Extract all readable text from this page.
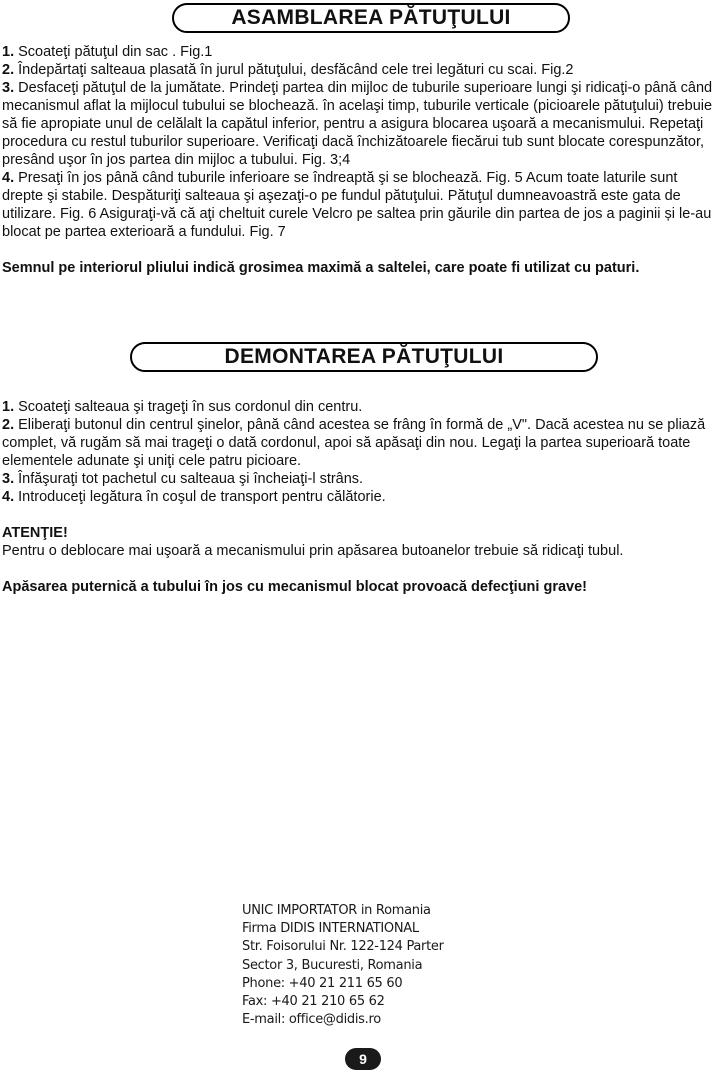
ASAMBLAREA PĂTUŢULUI

1. Scoateţi pătuţul din sac . Fig.1

2. Îndepărtaţi salteaua plasată în jurul pătuţului, desfăcând cele trei legături cu scai. Fig.2

3. Desfaceţi pătuţul de la jumătate. Prindeţi partea din mijloc de tuburile superioare lungi şi ridicaţi-o până când mecanismul aflat la mijlocul tubului se blochează. în acelaşi timp, tuburile verticale (picioarele pătuţului) trebuie să fie apropiate unul de celălalt la capătul inferior, pentru a asigura blocarea uşoară a mecanismului. Repetaţi procedura cu restul tuburilor superioare. Verificaţi dacă închizătoarele fiecărui tub sunt blocate corespunzător, presând uşor în jos partea din mijloc a tubului. Fig. 3;4

4. Presaţi în jos până când tuburile inferioare se îndreaptă şi se blochează. Fig. 5 Acum toate laturile sunt drepte şi stabile. Despăturiţi salteaua şi aşezaţi-o pe fundul pătuţului. Pătuţul dumneavoastră este gata de utilizare. Fig. 6 Asiguraţi-vă că aţi cheltuit curele Velcro pe saltea prin găurile din partea de jos a paginii și le-au blocat pe partea exterioară a fundului. Fig. 7

Semnul pe interiorul pliului indică grosimea maximă a saltelei, care poate fi utilizat cu paturi.

DEMONTAREA PĂTUŢULUI

1. Scoateţi salteaua şi trageţi în sus cordonul din centru.

2. Eliberaţi butonul din centrul şinelor, până când acestea se frâng în formă de „V". Dacă acestea nu se pliază complet, vă rugăm să mai trageţi o dată cordonul, apoi să apăsaţi din nou. Legaţi la partea superioară toate elementele adunate şi uniţi cele patru picioare.

3. Înfăşuraţi tot pachetul cu salteaua şi încheiaţi-l strâns.

4. Introduceţi legătura în coşul de transport pentru călătorie.

ATENŢIE!

Pentru o deblocare mai uşoară a mecanismului prin apăsarea butoanelor trebuie să ridicaţi tubul.

Apăsarea puternică a tubului în jos cu mecanismul blocat provoacă defecţiuni grave!

UNIC IMPORTATOR in Romania

Firma DIDIS INTERNATIONAL

Str. Foisorului Nr. 122-124 Parter

Sector 3, Bucuresti, Romania

Phone: +40 21 211 65 60

Fax: +40 21 210 65 62

E-mail: office@didis.ro

9
